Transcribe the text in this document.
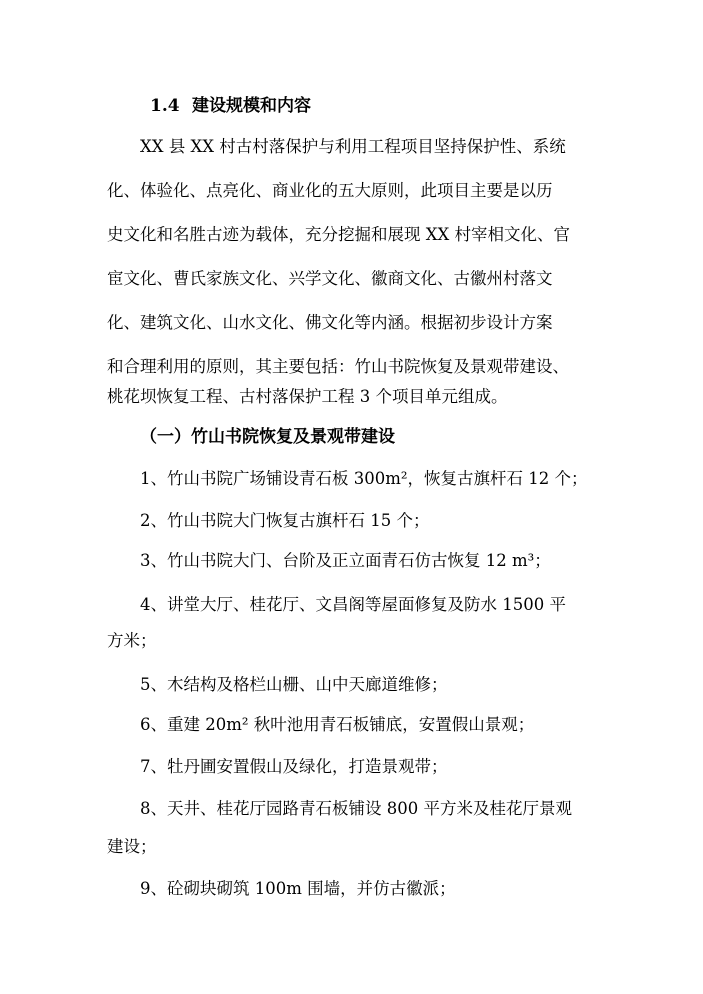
1.4 建设规模和内容
XX 县 XX 村古村落保护与利用工程项目坚持保护性、系统
化、体验化、点亮化、商业化的五大原则，此项目主要是以历
史文化和名胜古迹为载体，充分挖掘和展现 XX 村宰相文化、官
宦文化、曹氏家族文化、兴学文化、徽商文化、古徽州村落文
化、建筑文化、山水文化、佛文化等内涵。根据初步设计方案
和合理利用的原则，其主要包括：竹山书院恢复及景观带建设、
桃花坝恢复工程、古村落保护工程 3 个项目单元组成。
（一）竹山书院恢复及景观带建设
1、竹山书院广场铺设青石板 300m²，恢复古旗杆石 12 个；
2、竹山书院大门恢复古旗杆石 15 个；
3、竹山书院大门、台阶及正立面青石仿古恢复 12 m³；
4、讲堂大厅、桂花厅、文昌阁等屋面修复及防水 1500 平
方米；
5、木结构及格栏山栅、山中天廊道维修；
6、重建 20m² 秋叶池用青石板铺底，安置假山景观；
7、牡丹圃安置假山及绿化，打造景观带；
8、天井、桂花厅园路青石板铺设 800 平方米及桂花厅景观
建设；
9、砼砌块砌筑 100m 围墙，并仿古徽派；
